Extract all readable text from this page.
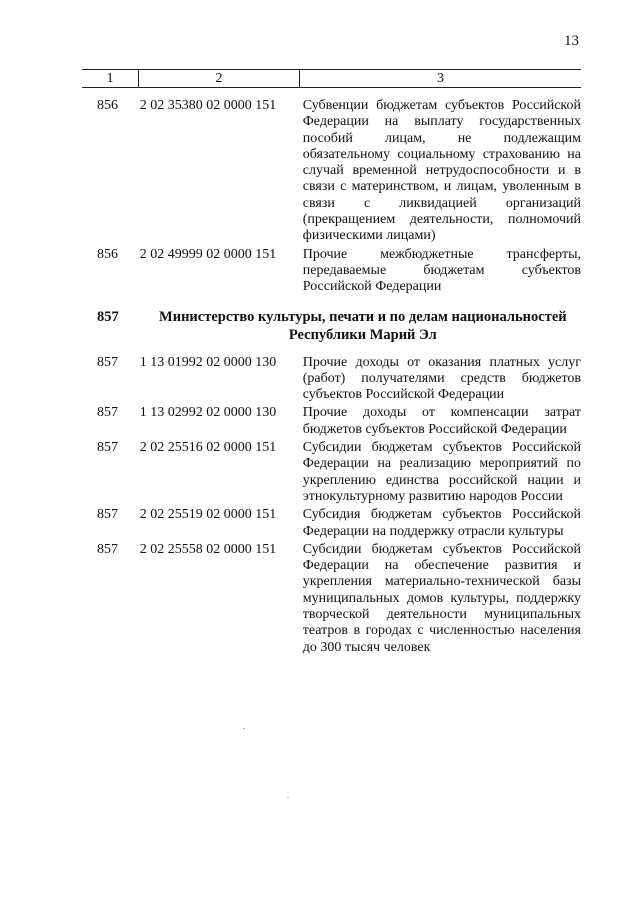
13
1	2	3
856	2 02 35380 02 0000 151	Субвенции бюджетам субъектов Российской Федерации на выплату государственных пособий лицам, не подлежащим обязательному социальному страхованию на случай временной нетрудоспособности и в связи с материнством, и лицам, уволенным в связи с ликвидацией организаций (прекращением деятельности, полномочий физическими лицами)
856	2 02 49999 02 0000 151	Прочие межбюджетные трансферты, передаваемые бюджетам субъектов Российской Федерации
857	Министерство культуры, печати и по делам национальностей Республики Марий Эл
857	1 13 01992 02 0000 130	Прочие доходы от оказания платных услуг (работ) получателями средств бюджетов субъектов Российской Федерации
857	1 13 02992 02 0000 130	Прочие доходы от компенсации затрат бюджетов субъектов Российской Федерации
857	2 02 25516 02 0000 151	Субсидии бюджетам субъектов Российской Федерации на реализацию мероприятий по укреплению единства российской нации и этнокультурному развитию народов России
857	2 02 25519 02 0000 151	Субсидия бюджетам субъектов Российской Федерации на поддержку отрасли культуры
857	2 02 25558 02 0000 151	Субсидии бюджетам субъектов Российской Федерации на обеспечение развития и укрепления материально-технической базы муниципальных домов культуры, поддержку творческой деятельности муниципальных театров в городах с численностью населения до 300 тысяч человек
